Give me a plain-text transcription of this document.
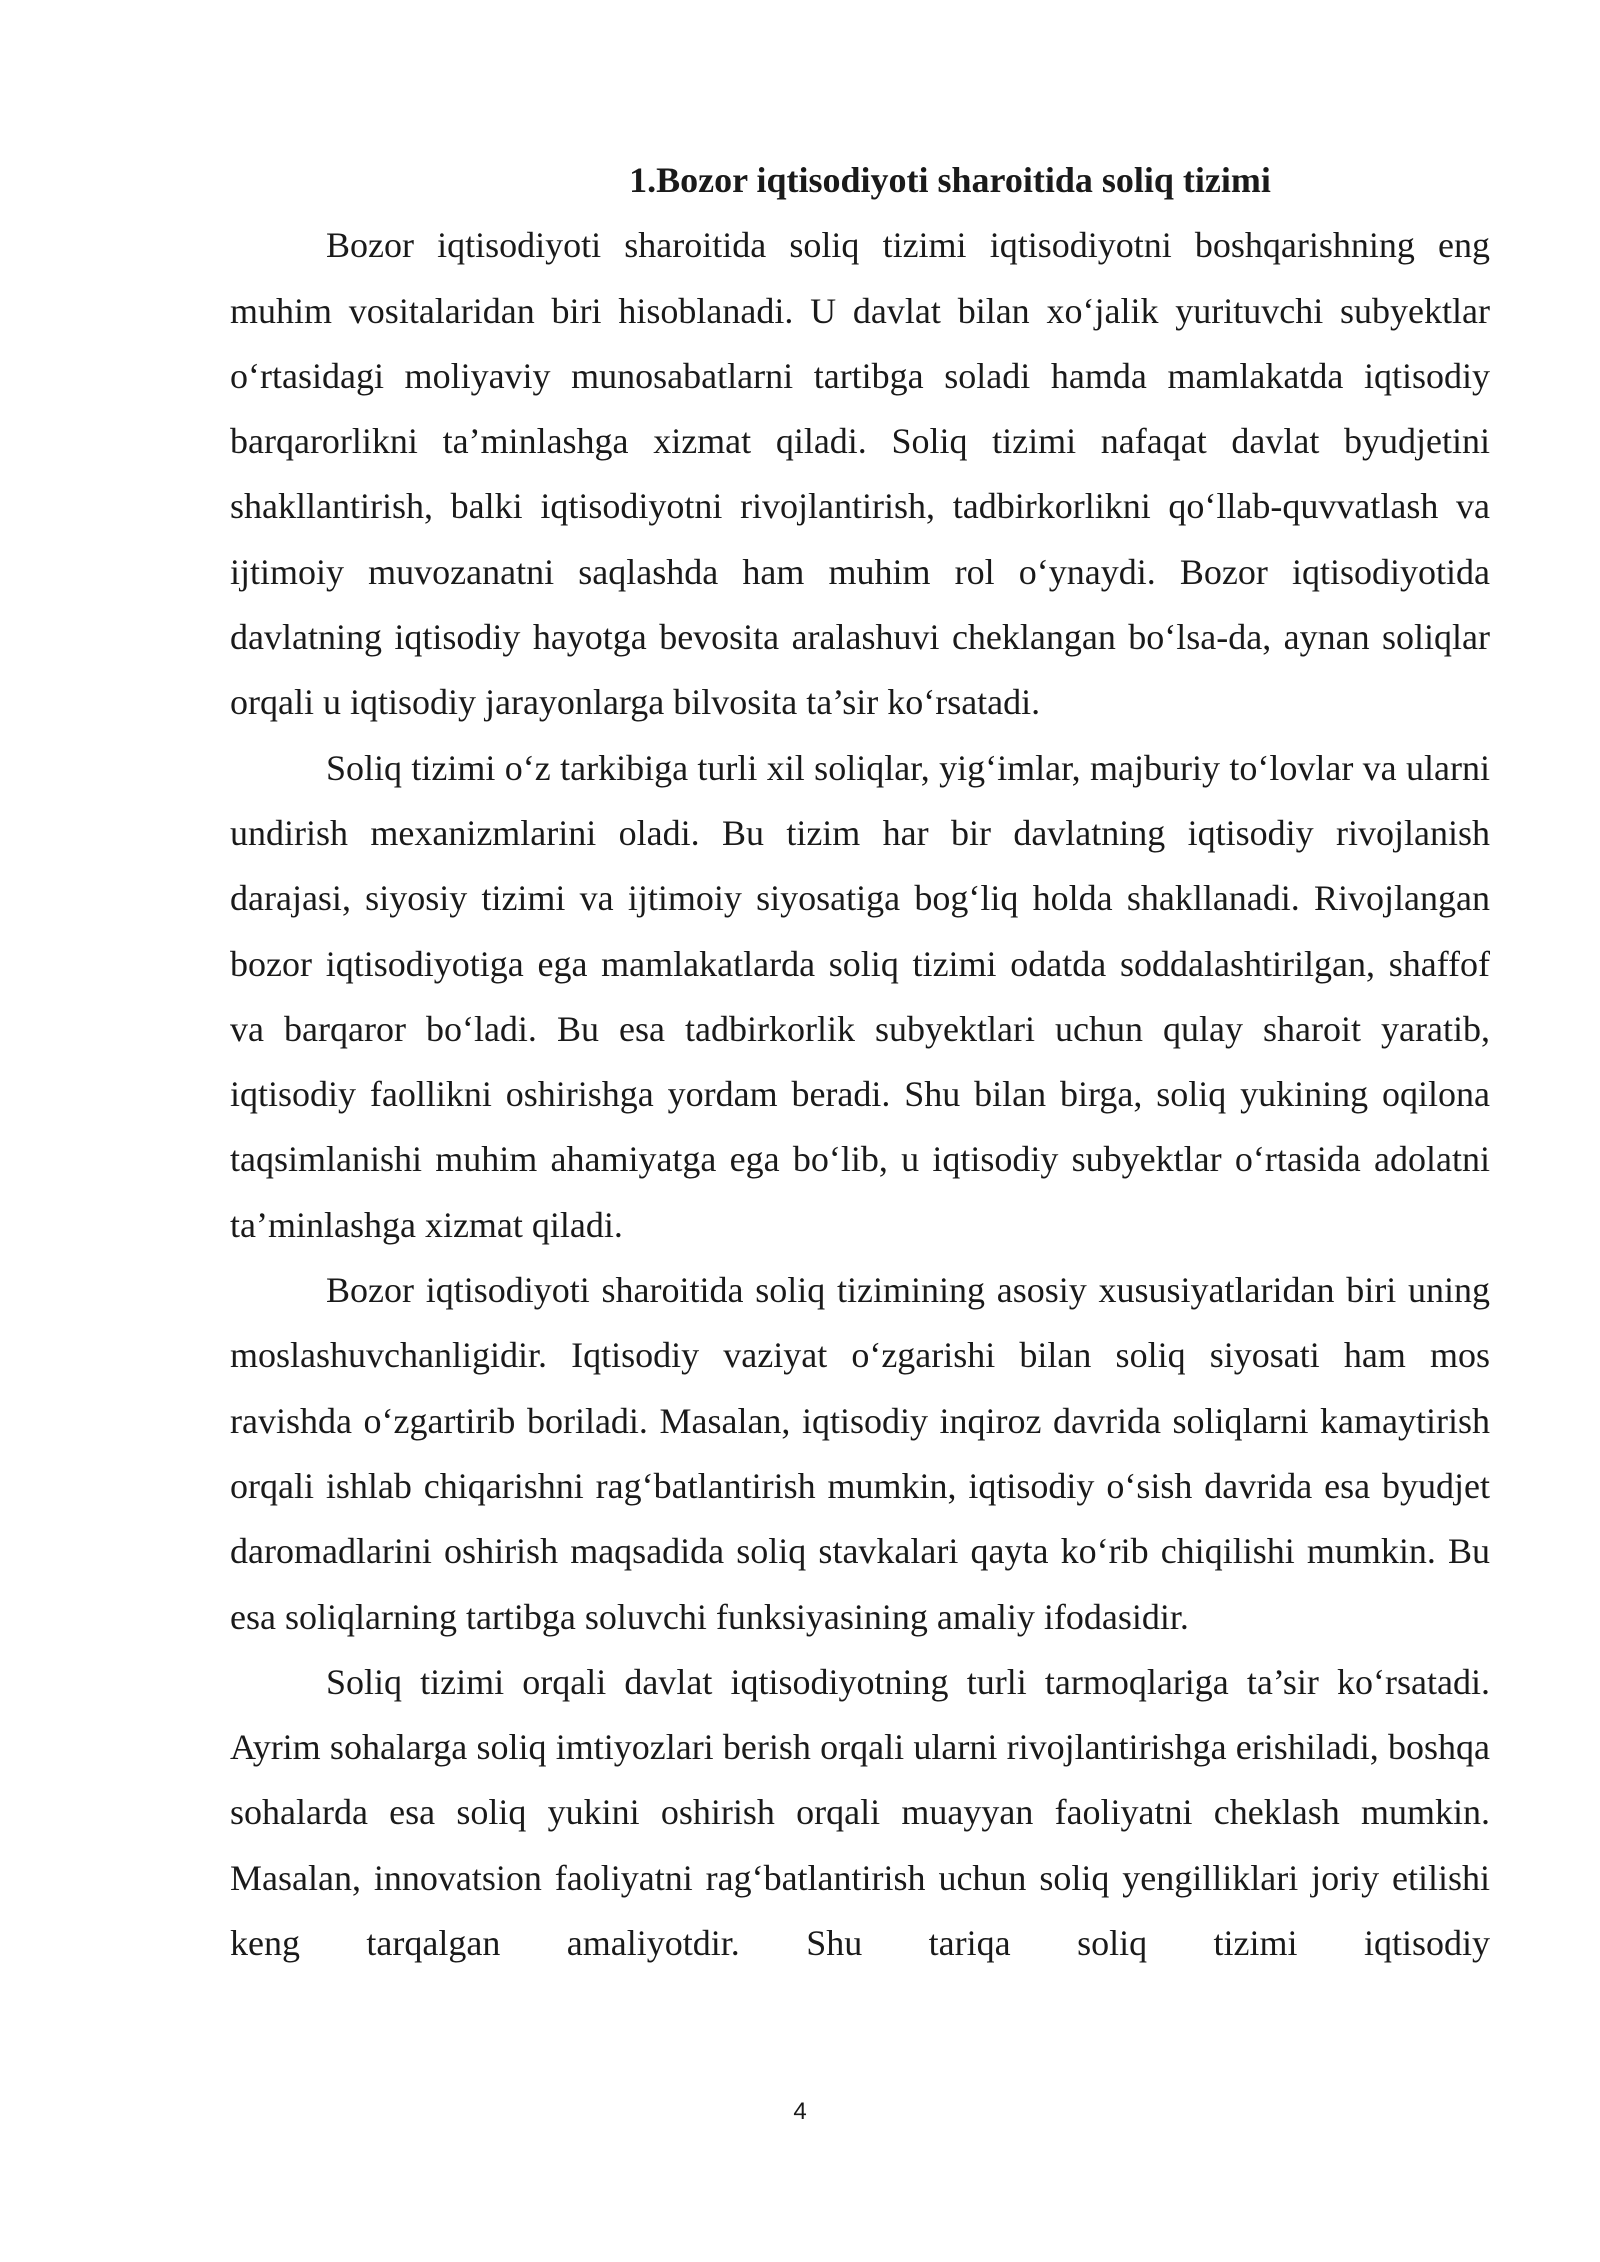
1.Bozor iqtisodiyoti sharoitida soliq tizimi

Bozor iqtisodiyoti sharoitida soliq tizimi iqtisodiyotni boshqarishning eng muhim vositalaridan biri hisoblanadi. U davlat bilan xo‘jalik yurituvchi subyektlar o‘rtasidagi moliyaviy munosabatlarni tartibga soladi hamda mamlakatda iqtisodiy barqarorlikni ta’minlashga xizmat qiladi. Soliq tizimi nafaqat davlat byudjetini shakllantirish, balki iqtisodiyotni rivojlantirish, tadbirkorlikni qo‘llab-quvvatlash va ijtimoiy muvozanatni saqlashda ham muhim rol o‘ynaydi. Bozor iqtisodiyotida davlatning iqtisodiy hayotga bevosita aralashuvi cheklangan bo‘lsa-da, aynan soliqlar orqali u iqtisodiy jarayonlarga bilvosita ta’sir ko‘rsatadi.

Soliq tizimi o‘z tarkibiga turli xil soliqlar, yig‘imlar, majburiy to‘lovlar va ularni undirish mexanizmlarini oladi. Bu tizim har bir davlatning iqtisodiy rivojlanish darajasi, siyosiy tizimi va ijtimoiy siyosatiga bog‘liq holda shakllanadi. Rivojlangan bozor iqtisodiyotiga ega mamlakatlarda soliq tizimi odatda soddalashtirilgan, shaffof va barqaror bo‘ladi. Bu esa tadbirkorlik subyektlari uchun qulay sharoit yaratib, iqtisodiy faollikni oshirishga yordam beradi. Shu bilan birga, soliq yukining oqilona taqsimlanishi muhim ahamiyatga ega bo‘lib, u iqtisodiy subyektlar o‘rtasida adolatni ta’minlashga xizmat qiladi.

Bozor iqtisodiyoti sharoitida soliq tizimining asosiy xususiyatlaridan biri uning moslashuvchanligidir. Iqtisodiy vaziyat o‘zgarishi bilan soliq siyosati ham mos ravishda o‘zgartirib boriladi. Masalan, iqtisodiy inqiroz davrida soliqlarni kamaytirish orqali ishlab chiqarishni rag‘batlantirish mumkin, iqtisodiy o‘sish davrida esa byudjet daromadlarini oshirish maqsadida soliq stavkalari qayta ko‘rib chiqilishi mumkin. Bu esa soliqlarning tartibga soluvchi funksiyasining amaliy ifodasidir.

Soliq tizimi orqali davlat iqtisodiyotning turli tarmoqlariga ta’sir ko‘rsatadi. Ayrim sohalarga soliq imtiyozlari berish orqali ularni rivojlantirishga erishiladi, boshqa sohalarda esa soliq yukini oshirish orqali muayyan faoliyatni cheklash mumkin. Masalan, innovatsion faoliyatni rag‘batlantirish uchun soliq yengilliklari joriy etilishi keng tarqalgan amaliyotdir. Shu tariqa soliq tizimi iqtisodiy

4
